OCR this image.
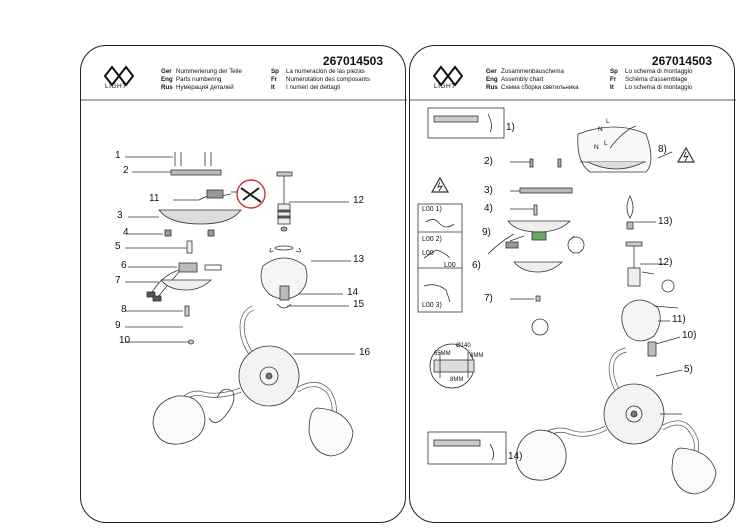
LIGHT
267014503
Ger Nummerierung der Teile
Eng Parts numbering
Rus Нумерация деталей
Sp La numeración de las piezas
Fr Numérotation des composants
It I numeri dei dettagli
1
2
3
4
5
6
7
8
9
10
11	12
13
14
15
16
LIGHT
267014503
Ger Zusammenbauschema
Eng Assembly chart
Rus Схема сборки светильника
Sp Lo schema di montaggio
Fr Schéma d'assemblage
It Lo schema di montaggio
1)
2)
3)
4)
5)
6)
7)
8)
9)
10)
11)
12)
13)
14)
L00 1)
L00 2)
L00
L00
L00 3)
N
L
N
L
Ø140
65MM	6MM
8MM
